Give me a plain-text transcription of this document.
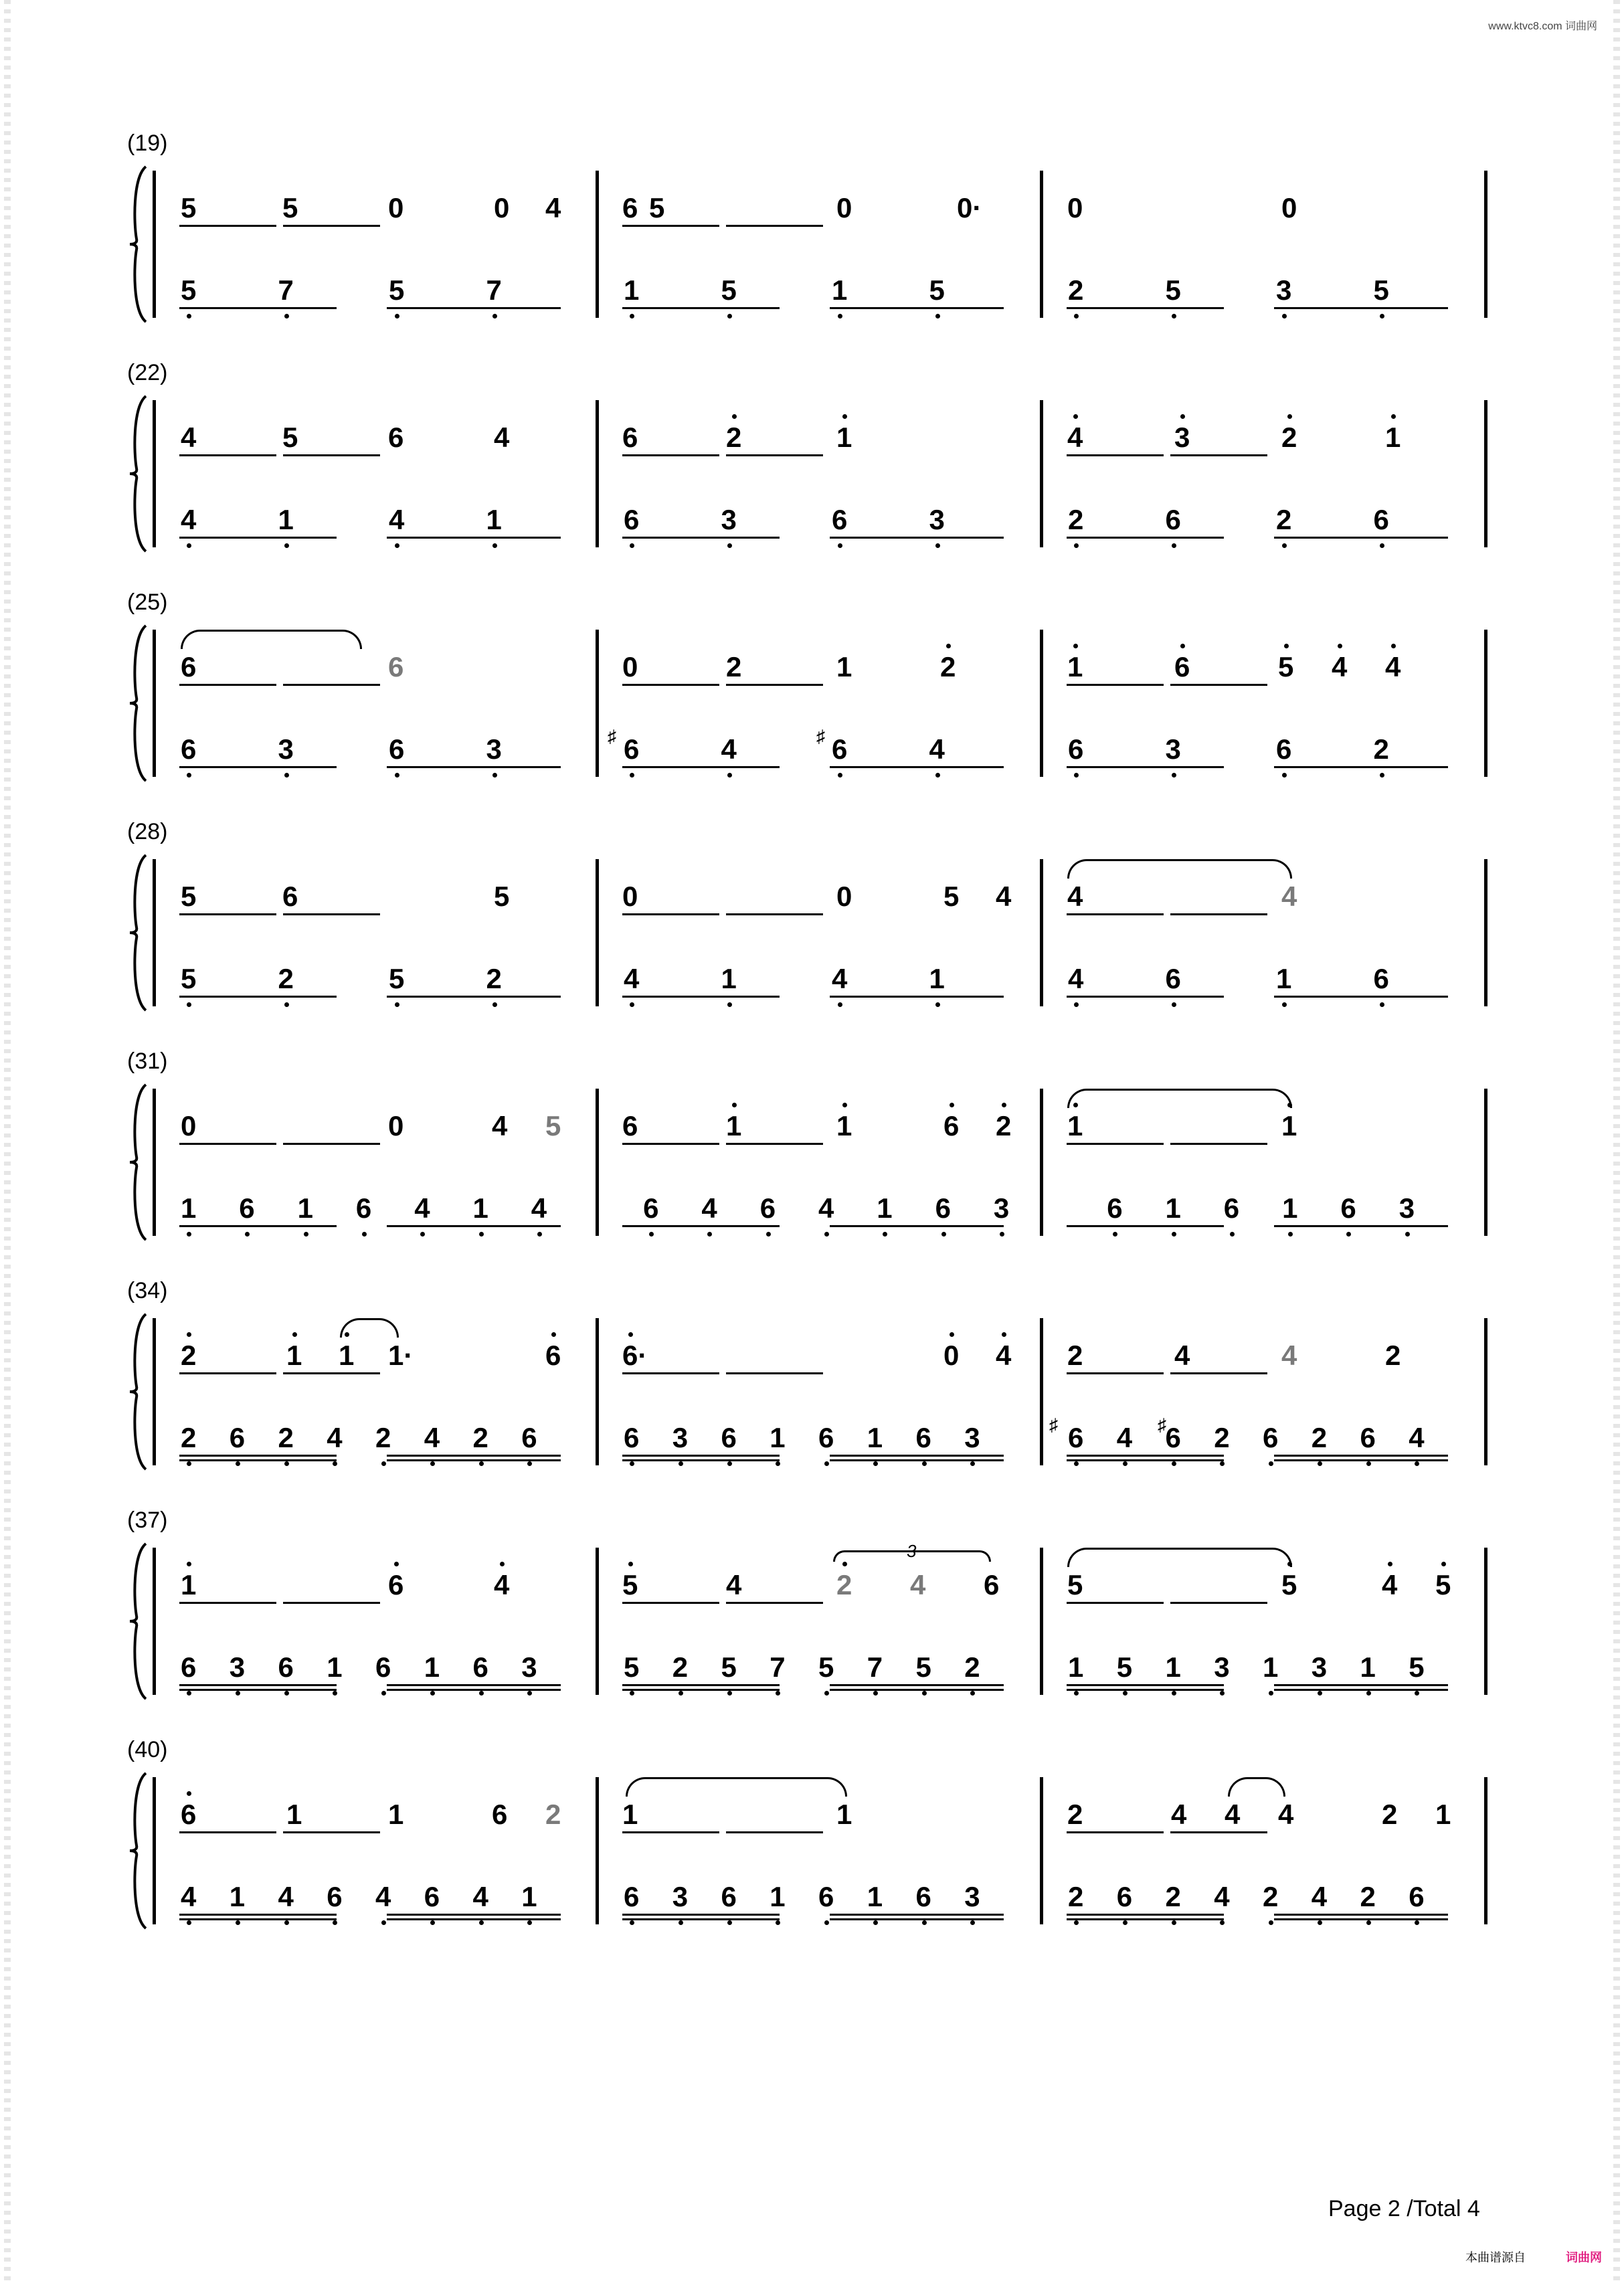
www.ktvc8.com 词曲网
(19)
5	5	0	0 4 6 5	0	0·	0	0
5	7	5	7	1	5	1	5	2	5	3	5
(22)
4	5	6	4	6	2	1	4	3	2	1
4	1	4	1	6	3	6	3	2	6	2	6
(25)
6	6	0	2	1	2	1	6	5 4 4
6	3	6	3	6	4	6	4	6	3	6	2
♯	♯
(28)
5	6	5	0	0	5 4 4	4
5	2	5	2	4	1	4	1	4	6	1	6
(31)
0	0	4 5 6	1	1	6 2 1	1
1 6 1 6 4 1 4	6 4 6 4 1 6 3	6 1 6 1 6 3
(34)
2	1 1 1·	6 6·	0 4 2	4	4	2
2 6 2 4 2 4 2 6	6 3 6 1 6 1 6 3	6 4 6 2 6 2 6 4
♯	♯
(37)
1	6	4	5	4	2 4 6 5	5	4 5
6 3 6 1 6 1 6 3	5 2 5 7 5 7 5 2	1 5 1 3 1 3 1 5
3
(40)
6	1	1	6 2 1	1	2	4 4 4	2 1
4 1 4 6 4 6 4 1	6 3 6 1 6 1 6 3	2 6 2 4 2 4 2 6
Page 2 /Total 4
本曲谱源自	词曲网
